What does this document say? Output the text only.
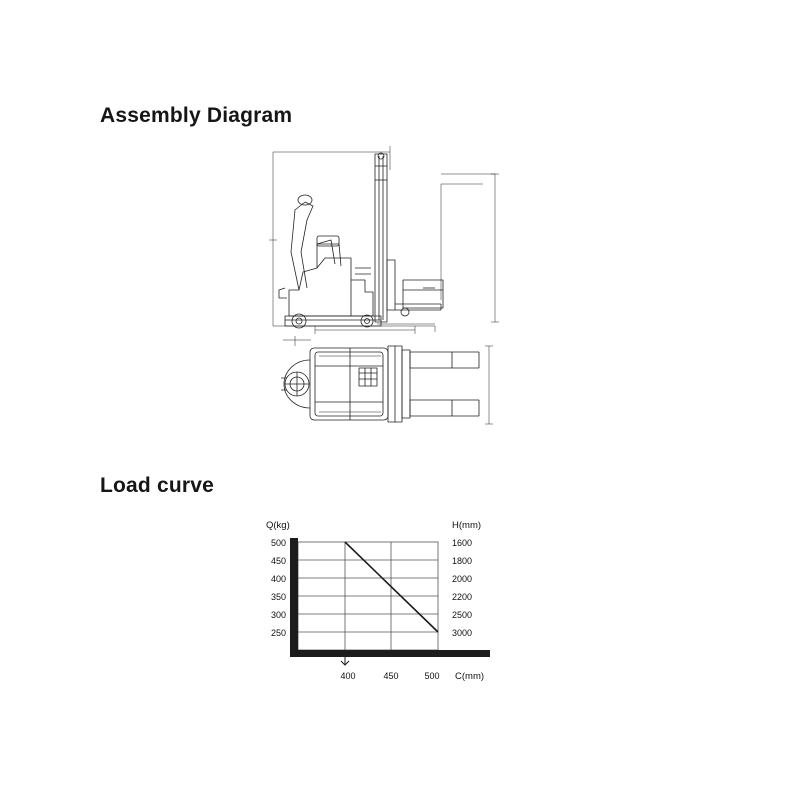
Assembly Diagram
Load curve
500
450
400
350
300
250
1600
1800
2000
2200
2500
3000
Q(kg)	H(mm)
C(mm)
400	450	500
